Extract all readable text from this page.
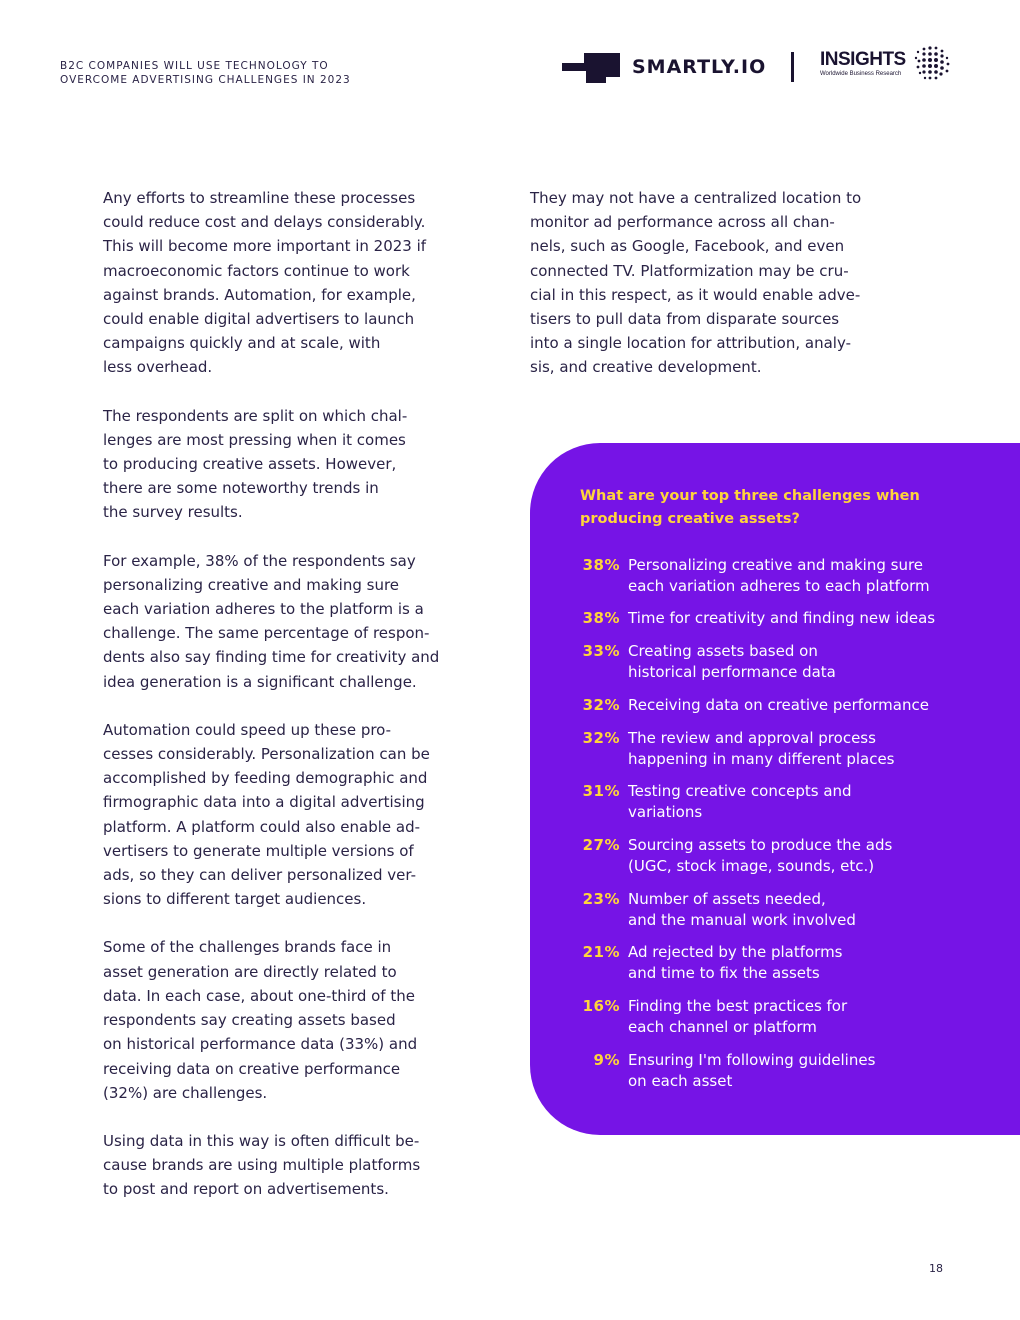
B2C COMPANIES WILL USE TECHNOLOGY TO
OVERCOME ADVERTISING CHALLENGES IN 2023
SMARTLY.IO	INSIGHTS
Worldwide Business Research

Any efforts to streamline these processes
could reduce cost and delays considerably.
This will become more important in 2023 if
macroeconomic factors continue to work
against brands. Automation, for example,
could enable digital advertisers to launch
campaigns quickly and at scale, with
less overhead.

The respondents are split on which chal-
lenges are most pressing when it comes
to producing creative assets. However,
there are some noteworthy trends in
the survey results.

For example, 38% of the respondents say
personalizing creative and making sure
each variation adheres to the platform is a
challenge. The same percentage of respon-
dents also say finding time for creativity and
idea generation is a significant challenge.

Automation could speed up these pro-
cesses considerably. Personalization can be
accomplished by feeding demographic and
firmographic data into a digital advertising
platform. A platform could also enable ad-
vertisers to generate multiple versions of
ads, so they can deliver personalized ver-
sions to different target audiences.

Some of the challenges brands face in
asset generation are directly related to
data. In each case, about one-third of the
respondents say creating assets based
on historical performance data (33%) and
receiving data on creative performance
(32%) are challenges.

Using data in this way is often difficult be-
cause brands are using multiple platforms
to post and report on advertisements.

They may not have a centralized location to
monitor ad performance across all chan-
nels, such as Google, Facebook, and even
connected TV. Platformization may be cru-
cial in this respect, as it would enable adve-
tisers to pull data from disparate sources
into a single location for attribution, analy-
sis, and creative development.

What are your top three challenges when
producing creative assets?
38% Personalizing creative and making sure
each variation adheres to each platform
38% Time for creativity and finding new ideas
33% Creating assets based on
historical performance data
32% Receiving data on creative performance
32% The review and approval process
happening in many different places
31% Testing creative concepts and
variations
27% Sourcing assets to produce the ads
(UGC, stock image, sounds, etc.)
23% Number of assets needed,
and the manual work involved
21% Ad rejected by the platforms
and time to fix the assets
16% Finding the best practices for
each channel or platform
9% Ensuring I'm following guidelines
on each asset
18
